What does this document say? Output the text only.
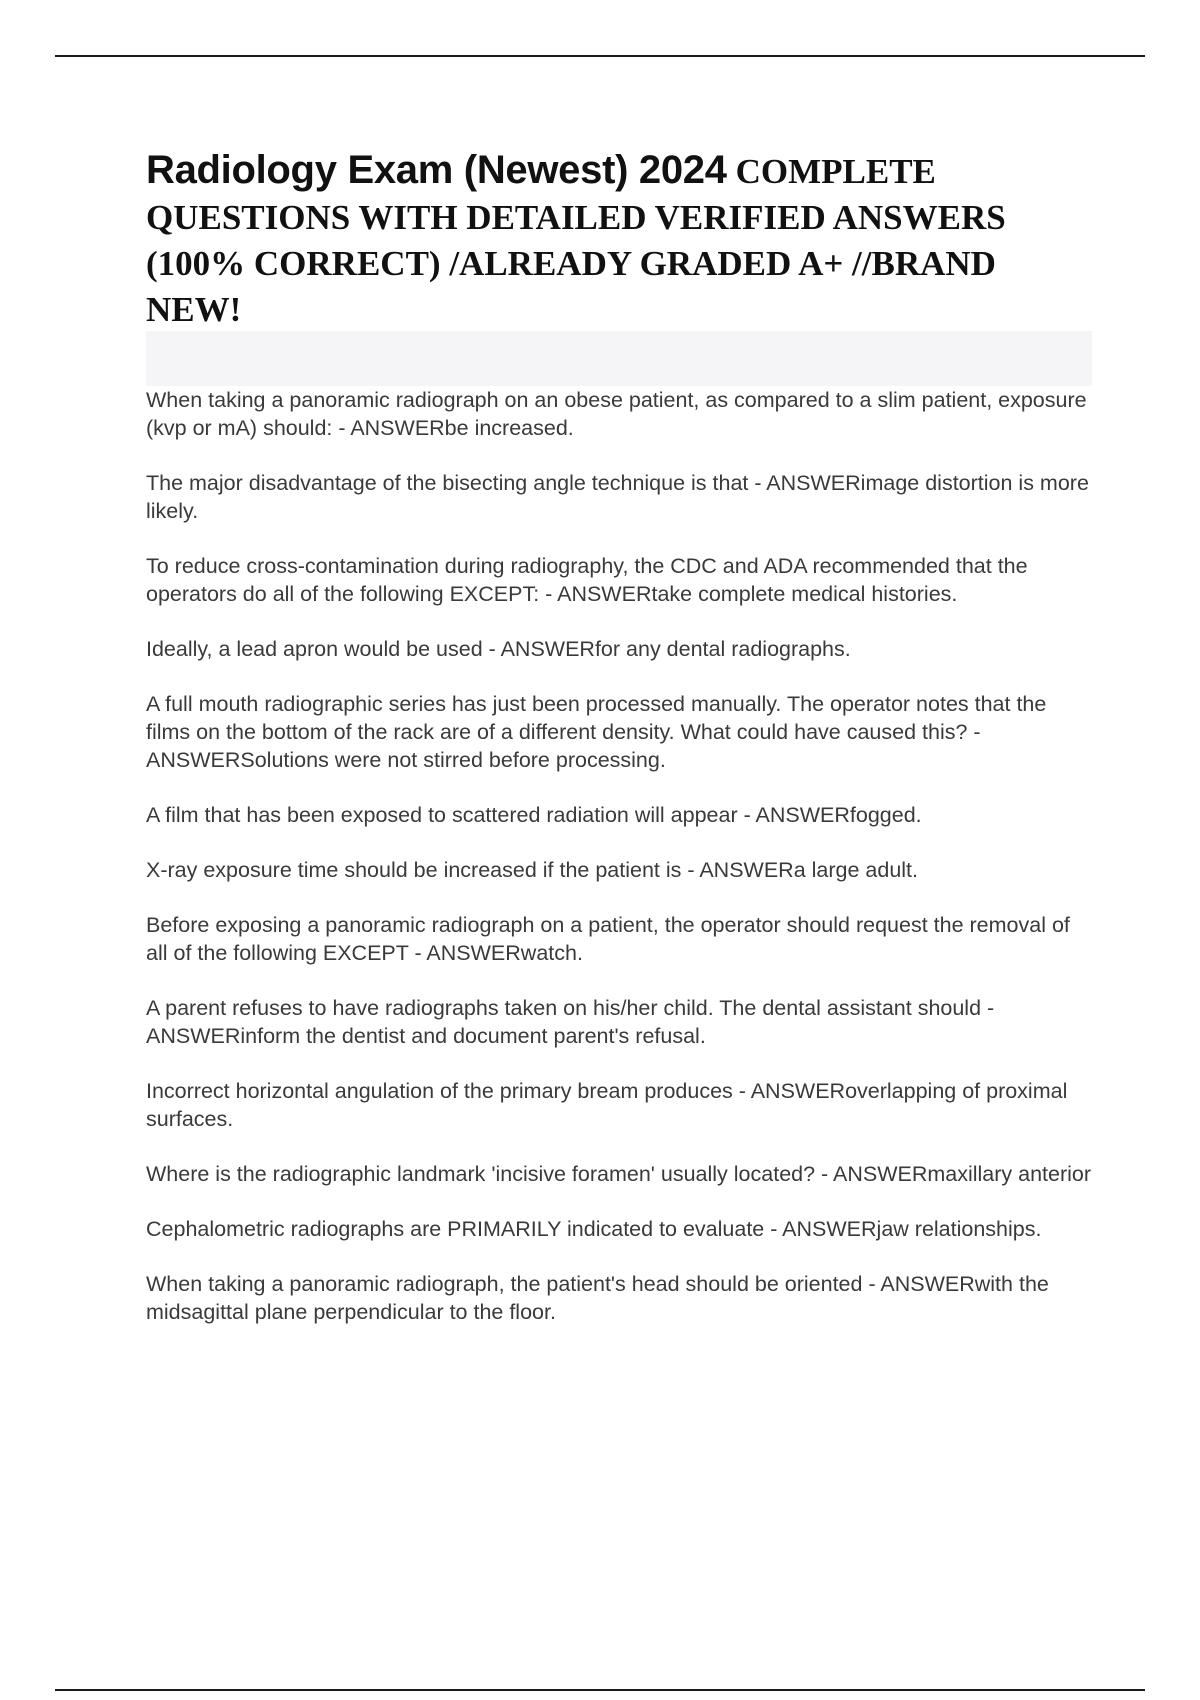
Radiology Exam (Newest) 2024 COMPLETE QUESTIONS WITH DETAILED VERIFIED ANSWERS (100% CORRECT) /ALREADY GRADED A+ //BRAND NEW!
When taking a panoramic radiograph on an obese patient, as compared to a slim patient, exposure (kvp or mA) should: - ANSWERbe increased.
The major disadvantage of the bisecting angle technique is that - ANSWERimage distortion is more likely.
To reduce cross-contamination during radiography, the CDC and ADA recommended that the operators do all of the following EXCEPT: - ANSWERtake complete medical histories.
Ideally, a lead apron would be used - ANSWERfor any dental radiographs.
A full mouth radiographic series has just been processed manually. The operator notes that the films on the bottom of the rack are of a different density. What could have caused this? - ANSWERSolutions were not stirred before processing.
A film that has been exposed to scattered radiation will appear - ANSWERfogged.
X-ray exposure time should be increased if the patient is - ANSWERa large adult.
Before exposing a panoramic radiograph on a patient, the operator should request the removal of all of the following EXCEPT - ANSWERwatch.
A parent refuses to have radiographs taken on his/her child. The dental assistant should - ANSWERinform the dentist and document parent's refusal.
Incorrect horizontal angulation of the primary bream produces - ANSWERoverlapping of proximal surfaces.
Where is the radiographic landmark 'incisive foramen' usually located? - ANSWERmaxillary anterior
Cephalometric radiographs are PRIMARILY indicated to evaluate - ANSWERjaw relationships.
When taking a panoramic radiograph, the patient's head should be oriented - ANSWERwith the midsagittal plane perpendicular to the floor.
